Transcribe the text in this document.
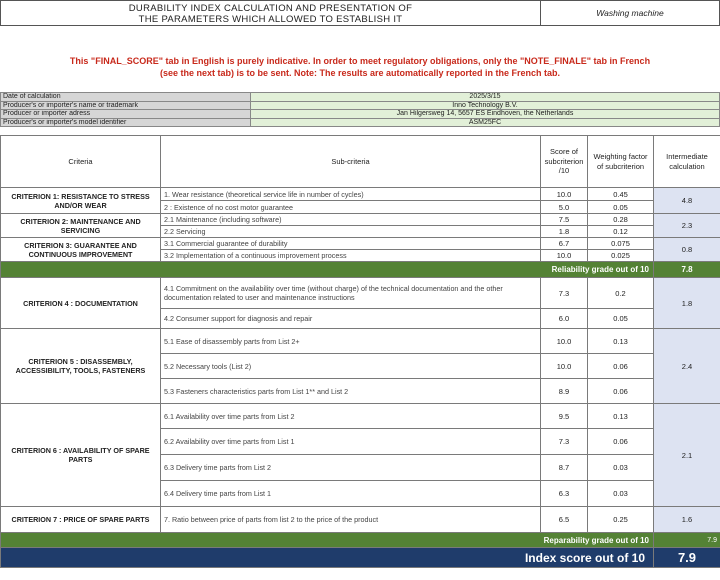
DURABILITY INDEX CALCULATION AND PRESENTATION OF
THE PARAMETERS WHICH ALLOWED TO ESTABLISH IT
Washing machine
This "FINAL_SCORE" tab in English is purely indicative. In order to meet regulatory obligations, only the "NOTE_FINALE" tab in French
(see the next tab) is to be sent. Note: The results are automatically reported in the French tab.
Date of calculation	2025/3/15
Producer's or importer's name or trademark	Inno Technology B.V.
Producer or importer adress	Jan Hilgersweg 14, 5657 ES Eindhoven, the Netherlands
Producer's or importer's model identifier	ASM25FC
Criteria	Sub-criteria	Score of subcriterion /10	Weighting factor of subcriterion	Intermediate calculation
CRITERION 1: RESISTANCE TO STRESS AND/OR WEAR	1. Wear resistance (theoretical service life in number of cycles)	10.0	0.45	4.8
	2 : Existence of no cost motor guarantee	5.0	0.05	
CRITERION 2: MAINTENANCE AND SERVICING	2.1 Maintenance (including software)	7.5	0.28	2.3
	2.2 Servicing	1.8	0.12	
CRITERION 3: GUARANTEE AND CONTINUOUS IMPROVEMENT	3.1 Commercial guarantee of durability	6.7	0.075	0.8
	3.2 Implementation of a continuous improvement process	10.0	0.025	
Reliability grade out of 10				7.8
CRITERION 4 : DOCUMENTATION	4.1 Commitment on the availability over time (without charge) of the technical documentation and the other documentation related to user and maintenance instructions	7.3	0.2	1.8
	4.2 Consumer support for diagnosis and repair	6.0	0.05	
CRITERION 5 : DISASSEMBLY, ACCESSIBILITY, TOOLS, FASTENERS	5.1 Ease of disassembly parts from List 2+	10.0	0.13	2.4
	5.2 Necessary tools (List 2)	10.0	0.06	
	5.3 Fasteners characteristics parts from List 1** and List 2	8.9	0.06	
CRITERION 6 : AVAILABILITY OF SPARE PARTS	6.1 Availability over time parts from List 2	9.5	0.13	2.1
	6.2 Availability over time parts from List 1	7.3	0.06	
	6.3 Delivery time parts from List 2	8.7	0.03	
	6.4 Delivery time parts from List 1	6.3	0.03	
CRITERION 7 : PRICE OF SPARE PARTS	7. Ratio between price of parts from list 2 to the price of the product	6.5	0.25	1.6
Reparability grade out of 10				7.9
Index score out of 10				7.9
